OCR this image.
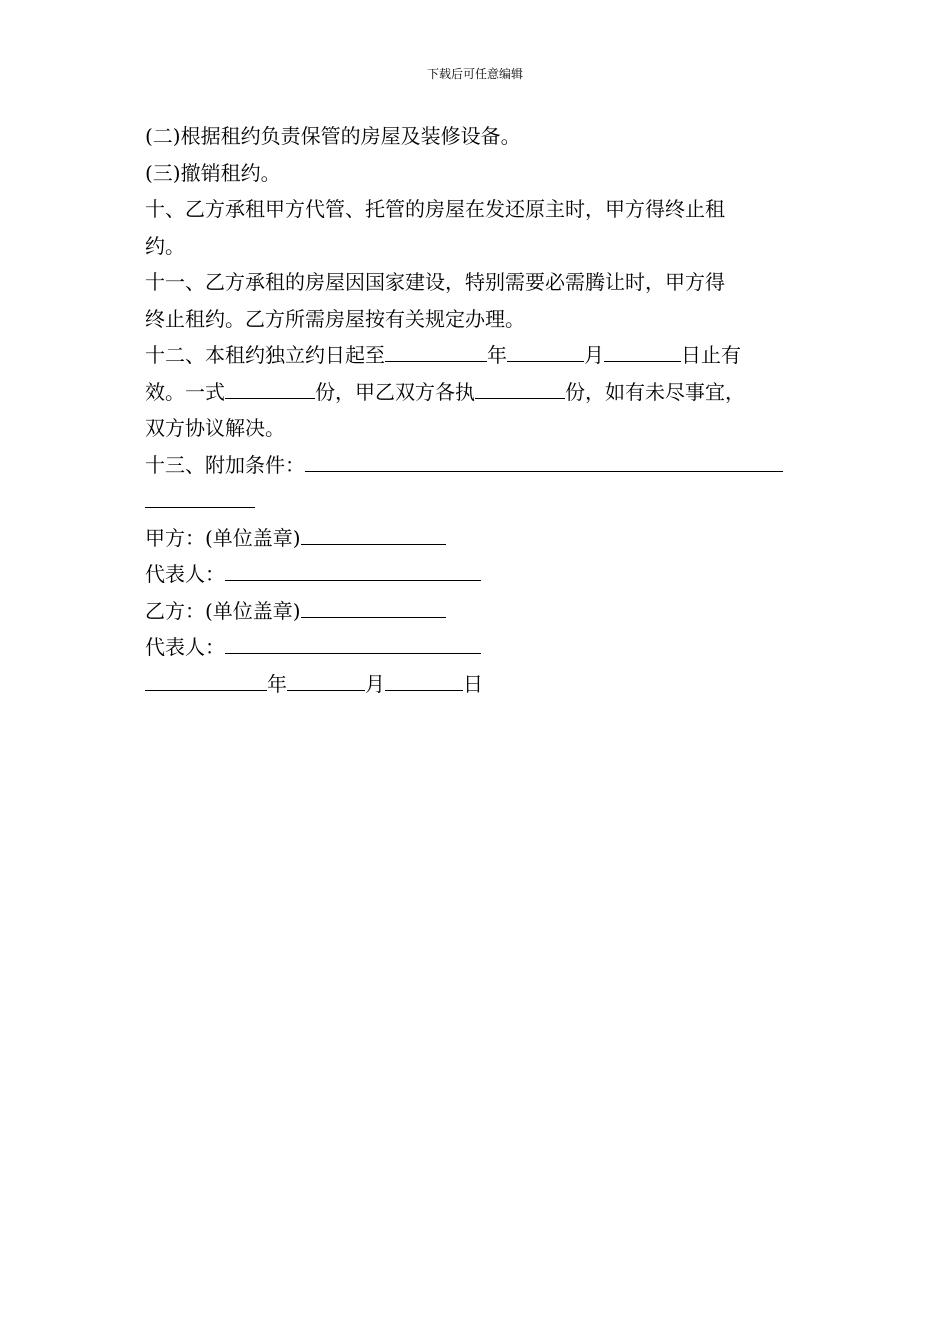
下载后可任意编辑
(二)根据租约负责保管的房屋及装修设备。
(三)撤销租约。
十、乙方承租甲方代管、托管的房屋在发还原主时，甲方得终止租
约。
十一、乙方承租的房屋因国家建设，特别需要必需腾让时，甲方得
终止租约。乙方所需房屋按有关规定办理。
十二、本租约独立约日起至	年	月	日止有
效。一式	份，甲乙双方各执	份，如有未尽事宜，
双方协议解决。
十三、附加条件：
甲方：(单位盖章)
代表人：
乙方：(单位盖章)
代表人：
年	月	日
